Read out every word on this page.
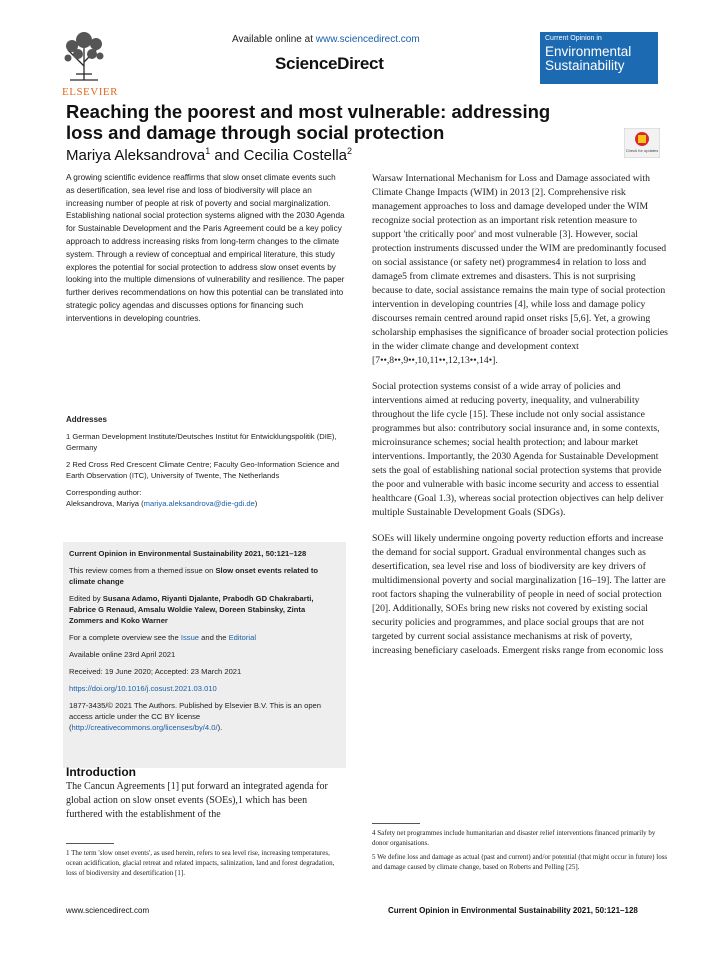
ELSEVIER
Available online at www.sciencedirect.com
ScienceDirect
Current Opinion in
Environmental Sustainability
Reaching the poorest and most vulnerable: addressing loss and damage through social protection
Mariya Aleksandrova$^1$ and Cecilia Costella$^2$	Check for updates
A growing scientific evidence reaffirms that slow onset climate events such as desertification, sea level rise and loss of biodiversity will place an increasing number of people at risk of poverty and social marginalization. Establishing national social protection systems aligned with the 2030 Agenda for Sustainable Development and the Paris Agreement could be a key policy approach to address increasing risks from long-term changes to the climate system. Through a review of conceptual and empirical literature, this study explores the potential for social protection to address slow onset events by looking into the multiple dimensions of vulnerability and resilience. The paper further derives recommendations on how this potential can be translated into strategic policy agendas and discusses options for financing such interventions in developing countries.

Addresses

1 German Development Institute/Deutsches Institut für Entwicklungspolitik (DIE), Germany

2 Red Cross Red Crescent Climate Centre; Faculty Geo-Information Science and Earth Observation (ITC), University of Twente, The Netherlands

Corresponding author:
Aleksandrova, Mariya (mariya.aleksandrova@die-gdi.de)

Current Opinion in Environmental Sustainability 2021, 50:121–128

This review comes from a themed issue on Slow onset events related to climate change

Edited by Susana Adamo, Riyanti Djalante, Prabodh GD Chakrabarti, Fabrice G Renaud, Amsalu Woldie Yalew, Doreen Stabinsky, Zinta Zommers and Koko Warner

For a complete overview see the Issue and the Editorial

Available online 23rd April 2021

Received: 19 June 2020; Accepted: 23 March 2021

https://doi.org/10.1016/j.cosust.2021.03.010

1877-3435/© 2021 The Authors. Published by Elsevier B.V. This is an open access article under the CC BY license (http://creativecommons.org/licenses/by/4.0/).

Introduction
The Cancun Agreements [1] put forward an integrated agenda for global action on slow onset events (SOEs),1 which has been furthered with the establishment of the
1 The term 'slow onset events', as used herein, refers to sea level rise, increasing temperatures, ocean acidification, glacial retreat and related impacts, salinization, land and forest degradation, loss of biodiversity and desertification [1].

Warsaw International Mechanism for Loss and Damage associated with Climate Change Impacts (WIM) in 2013 [2]. Comprehensive risk management approaches to loss and damage developed under the WIM recognize social protection as an important risk retention measure to support 'the critically poor' and most vulnerable [3]. However, social protection instruments discussed under the WIM are predominantly focused on social assistance (or safety net) programmes4 in relation to loss and damage5 from climate extremes and disasters. This is not surprising because to date, social assistance remains the main type of social protection intervention in developing countries [4], while loss and damage policy discourses remain centred around rapid onset risks [5,6]. Yet, a growing scholarship emphasises the significance of broader social protection policies in the wider climate change and development context [7••,8••,9••,10,11••,12,13••,14•].

Social protection systems consist of a wide array of policies and interventions aimed at reducing poverty, inequality, and vulnerability throughout the life cycle [15]. These include not only social assistance programmes but also: contributory social insurance and, in some contexts, microinsurance schemes; social health protection; and labour market interventions. Importantly, the 2030 Agenda for Sustainable Development sets the goal of establishing national social protection systems that provide the poor and vulnerable with basic income security and access to essential healthcare (Goal 1.3), whereas social protection objectives can help deliver multiple Sustainable Development Goals (SDGs).

SOEs will likely undermine ongoing poverty reduction efforts and increase the demand for social support. Gradual environmental changes such as desertification, sea level rise and loss of biodiversity are key drivers of multidimensional poverty and social marginalization [16–19]. The latter are root factors shaping the vulnerability of people in need of social protection [20]. Additionally, SOEs bring new risks not covered by existing social security policies and programmes, and place social groups that are not targeted by current social assistance mechanisms at risk of poverty, increasing beneficiary caseloads. Emergent risks range from economic loss

4 Safety net programmes include humanitarian and disaster relief interventions financed primarily by donor organisations.

5 We define loss and damage as actual (past and current) and/or potential (that might occur in future) loss and damage caused by climate change, based on Roberts and Pelling [25].

www.sciencedirect.com	Current Opinion in Environmental Sustainability 2021, 50:121–128
